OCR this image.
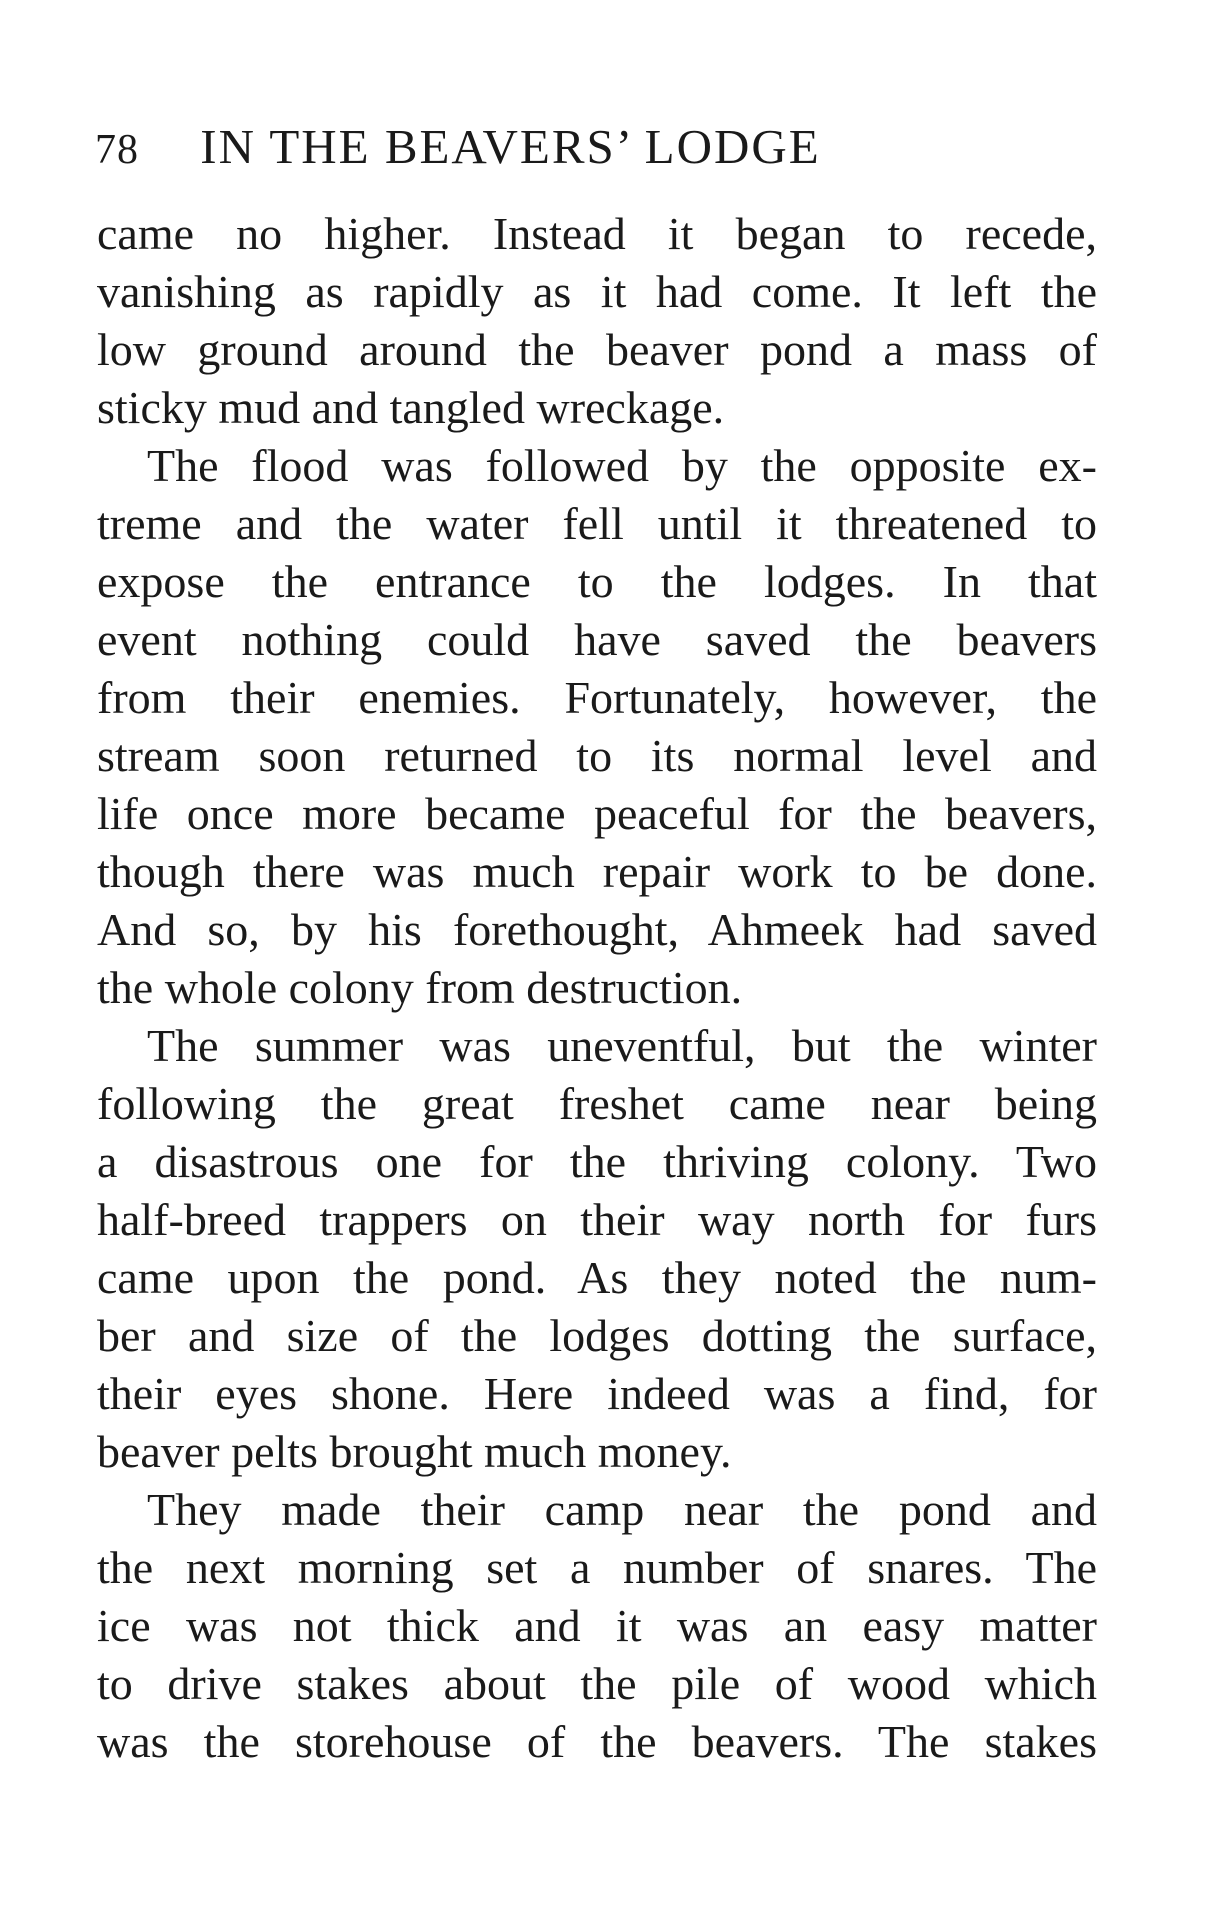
78 IN THE BEAVERS’ LODGE
came no higher. Instead it began to recede,
vanishing as rapidly as it had come. It left the
low ground around the beaver pond a mass of
sticky mud and tangled wreckage.
The flood was followed by the opposite ex-
treme and the water fell until it threatened to
expose the entrance to the lodges. In that
event nothing could have saved the beavers
from their enemies. Fortunately, however, the
stream soon returned to its normal level and
life once more became peaceful for the beavers,
though there was much repair work to be done.
And so, by his forethought, Ahmeek had saved
the whole colony from destruction.
The summer was uneventful, but the winter
following the great freshet came near being
a disastrous one for the thriving colony. Two
half-breed trappers on their way north for furs
came upon the pond. As they noted the num-
ber and size of the lodges dotting the surface,
their eyes shone. Here indeed was a find, for
beaver pelts brought much money.
They made their camp near the pond and
the next morning set a number of snares. The
ice was not thick and it was an easy matter
to drive stakes about the pile of wood which
was the storehouse of the beavers. The stakes
